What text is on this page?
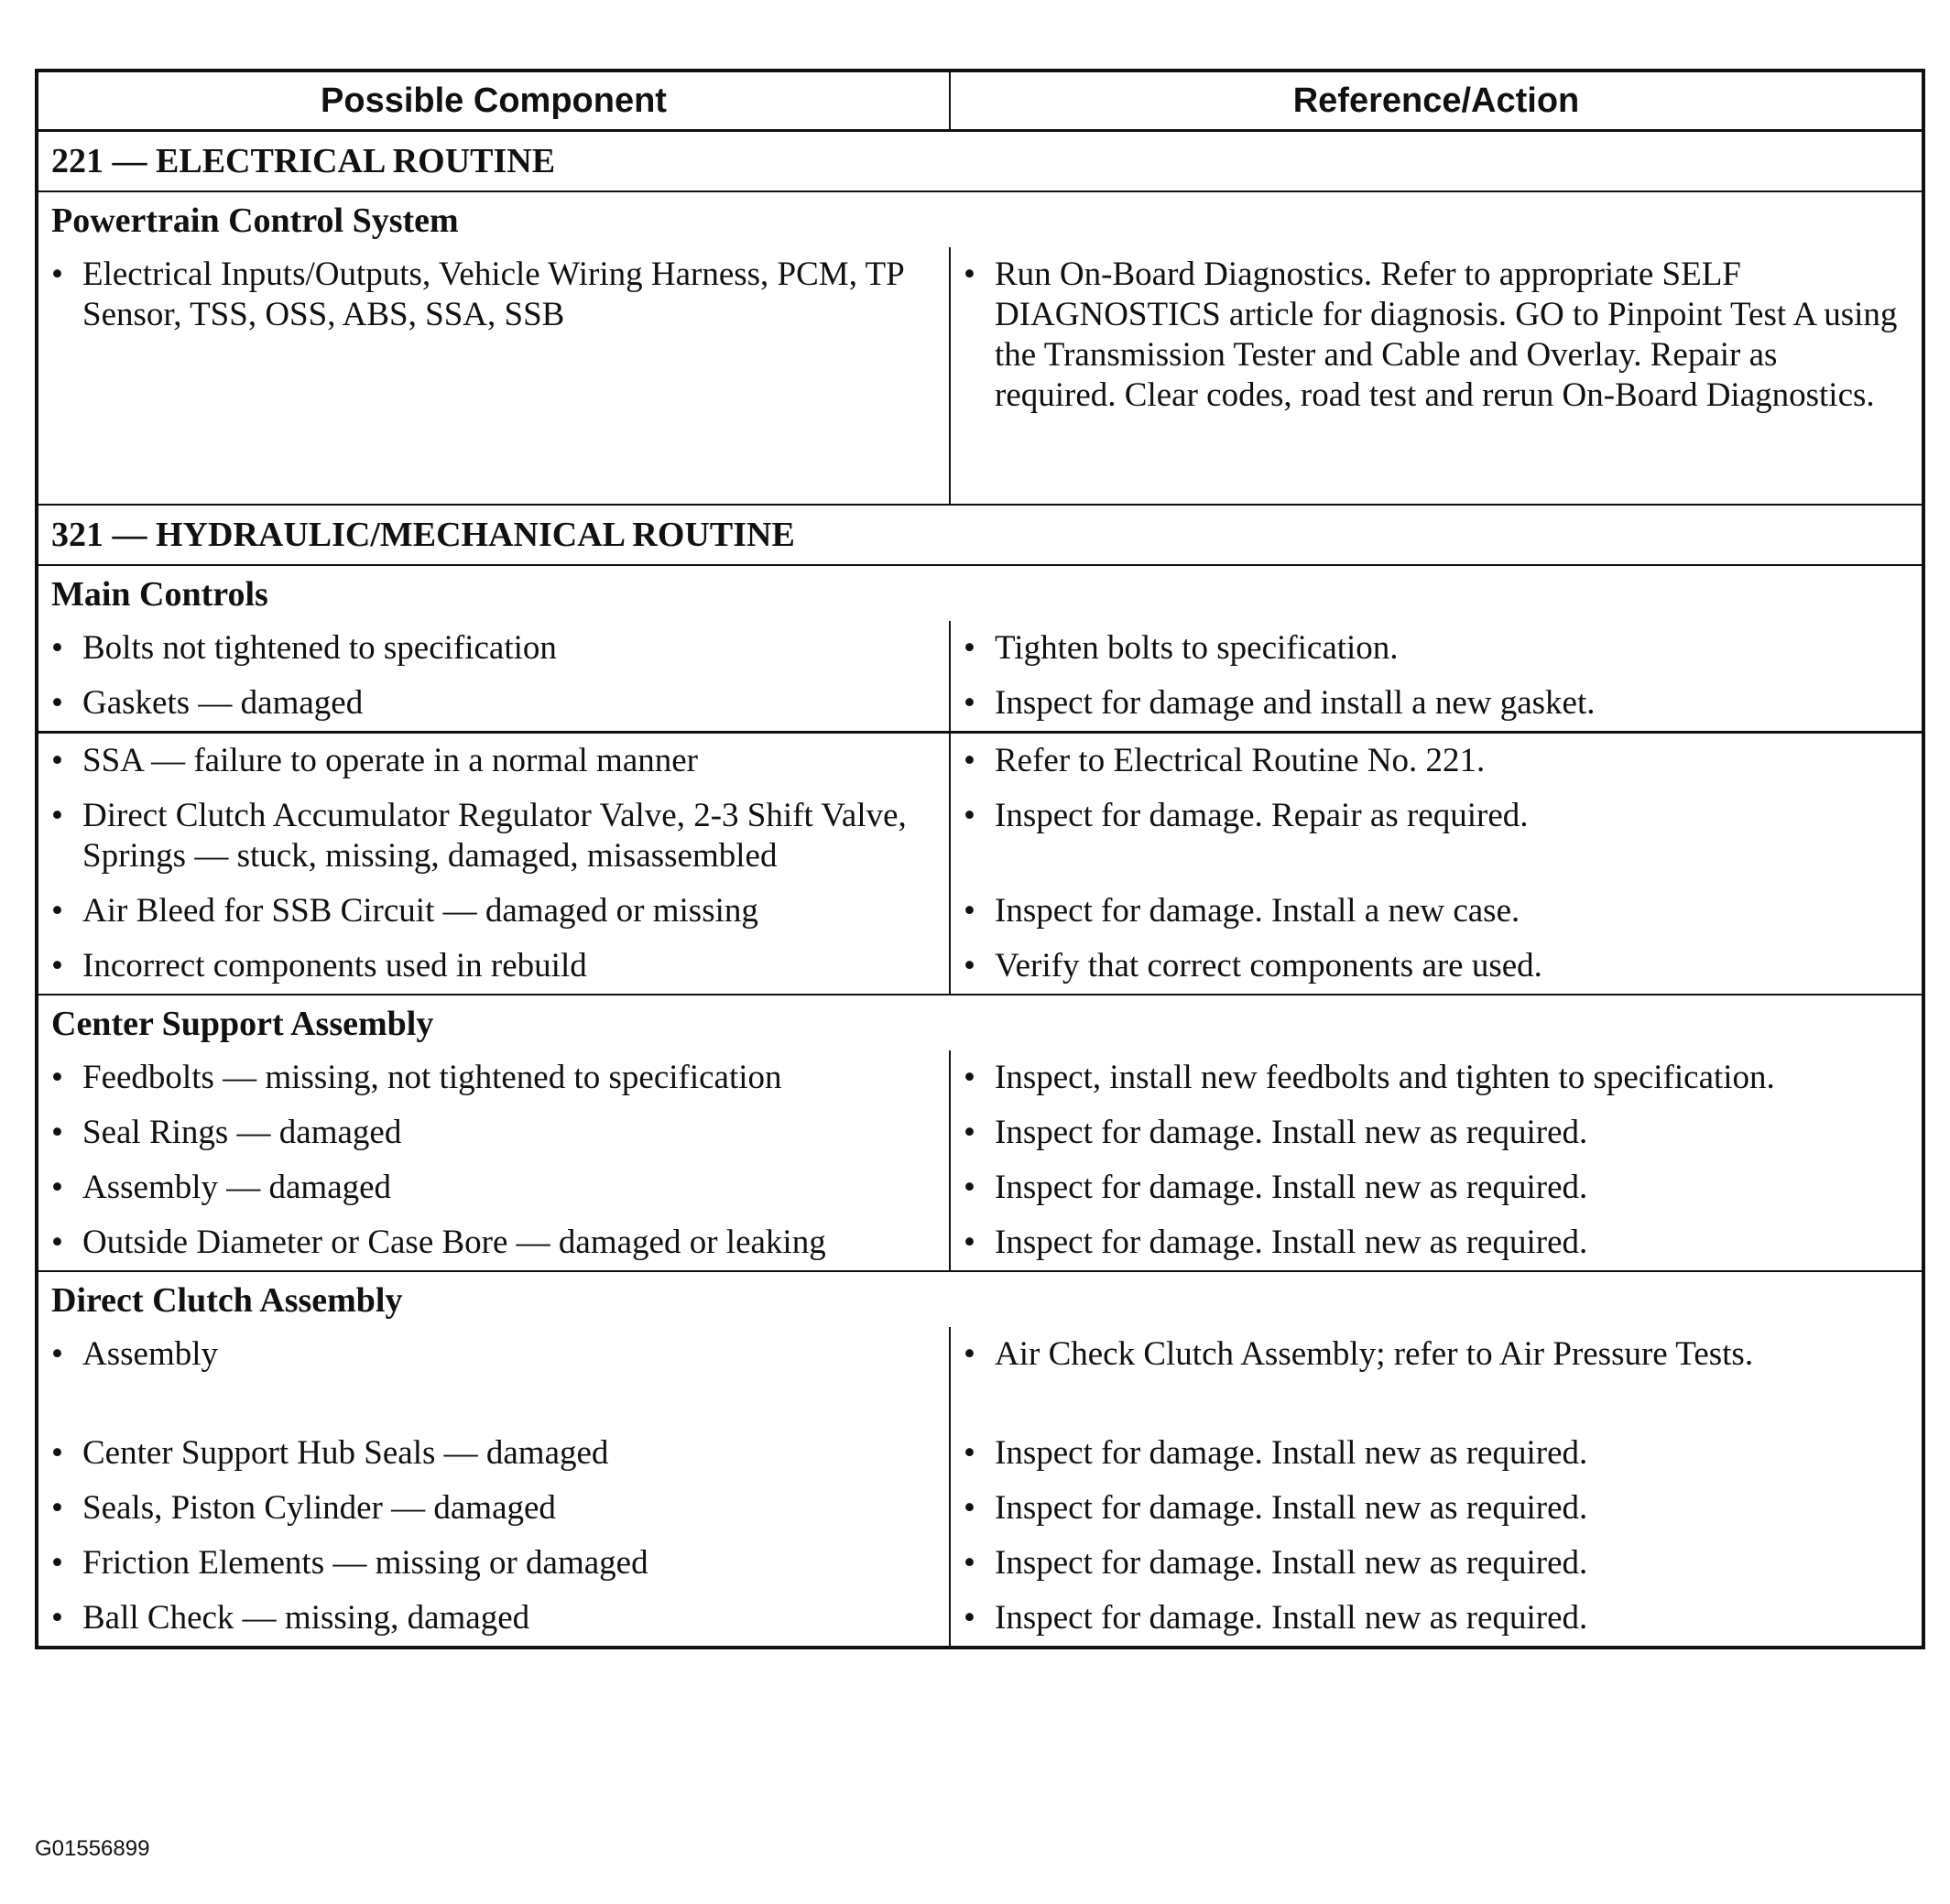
Possible Component	Reference/Action
221 — ELECTRICAL ROUTINE	
Powertrain Control System	

• Electrical Inputs/Outputs, Vehicle Wiring Harness, PCM, TP Sensor, TSS, OSS, ABS, SSA, SSB	• Run On-Board Diagnostics. Refer to appropriate SELF DIAGNOSTICS article for diagnosis. GO to Pinpoint Test A using the Transmission Tester and Cable and Overlay. Repair as required. Clear codes, road test and rerun On-Board Diagnostics.

321 — HYDRAULIC/MECHANICAL ROUTINE	
Main Controls	

• Bolts not tightened to specification	• Tighten bolts to specification.

• Gaskets — damaged	• Inspect for damage and install a new gasket.

• SSA — failure to operate in a normal manner	• Refer to Electrical Routine No. 221.

• Direct Clutch Accumulator Regulator Valve, 2-3 Shift Valve, Springs — stuck, missing, damaged, misassembled	• Inspect for damage. Repair as required.

• Air Bleed for SSB Circuit — damaged or missing	• Inspect for damage. Install a new case.

• Incorrect components used in rebuild	• Verify that correct components are used.

Center Support Assembly	

• Feedbolts — missing, not tightened to specification	• Inspect, install new feedbolts and tighten to specification.

• Seal Rings — damaged	• Inspect for damage. Install new as required.

• Assembly — damaged	• Inspect for damage. Install new as required.

• Outside Diameter or Case Bore — damaged or leaking	• Inspect for damage. Install new as required.

Direct Clutch Assembly	

• Assembly	• Air Check Clutch Assembly; refer to Air Pressure Tests.

• Center Support Hub Seals — damaged	• Inspect for damage. Install new as required.

• Seals, Piston Cylinder — damaged	• Inspect for damage. Install new as required.

• Friction Elements — missing or damaged	• Inspect for damage. Install new as required.

• Ball Check — missing, damaged	• Inspect for damage. Install new as required.
G01556899
